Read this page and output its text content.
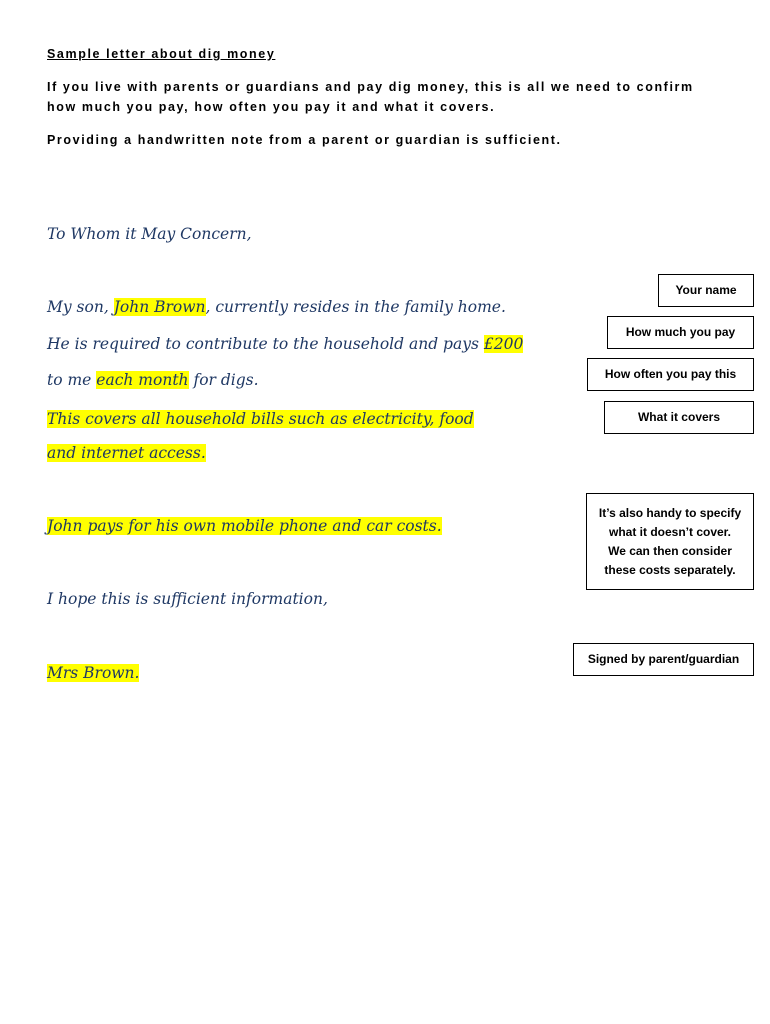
Sample letter about dig money
If you live with parents or guardians and pay dig money, this is all we need to confirm
how much you pay, how often you pay it and what it covers.
Providing a handwritten note from a parent or guardian is sufficient.
To Whom it May Concern,
My son, John Brown, currently resides in the family home.
He is required to contribute to the household and pays £200
to me each month for digs.
This covers all household bills such as electricity, food
and internet access.
John pays for his own mobile phone and car costs.
I hope this is sufficient information,
Mrs Brown.
Your name
How much you pay
How often you pay this
What it covers
It’s also handy to specify
what it doesn’t cover.
We can then consider
these costs separately.
Signed by parent/guardian
